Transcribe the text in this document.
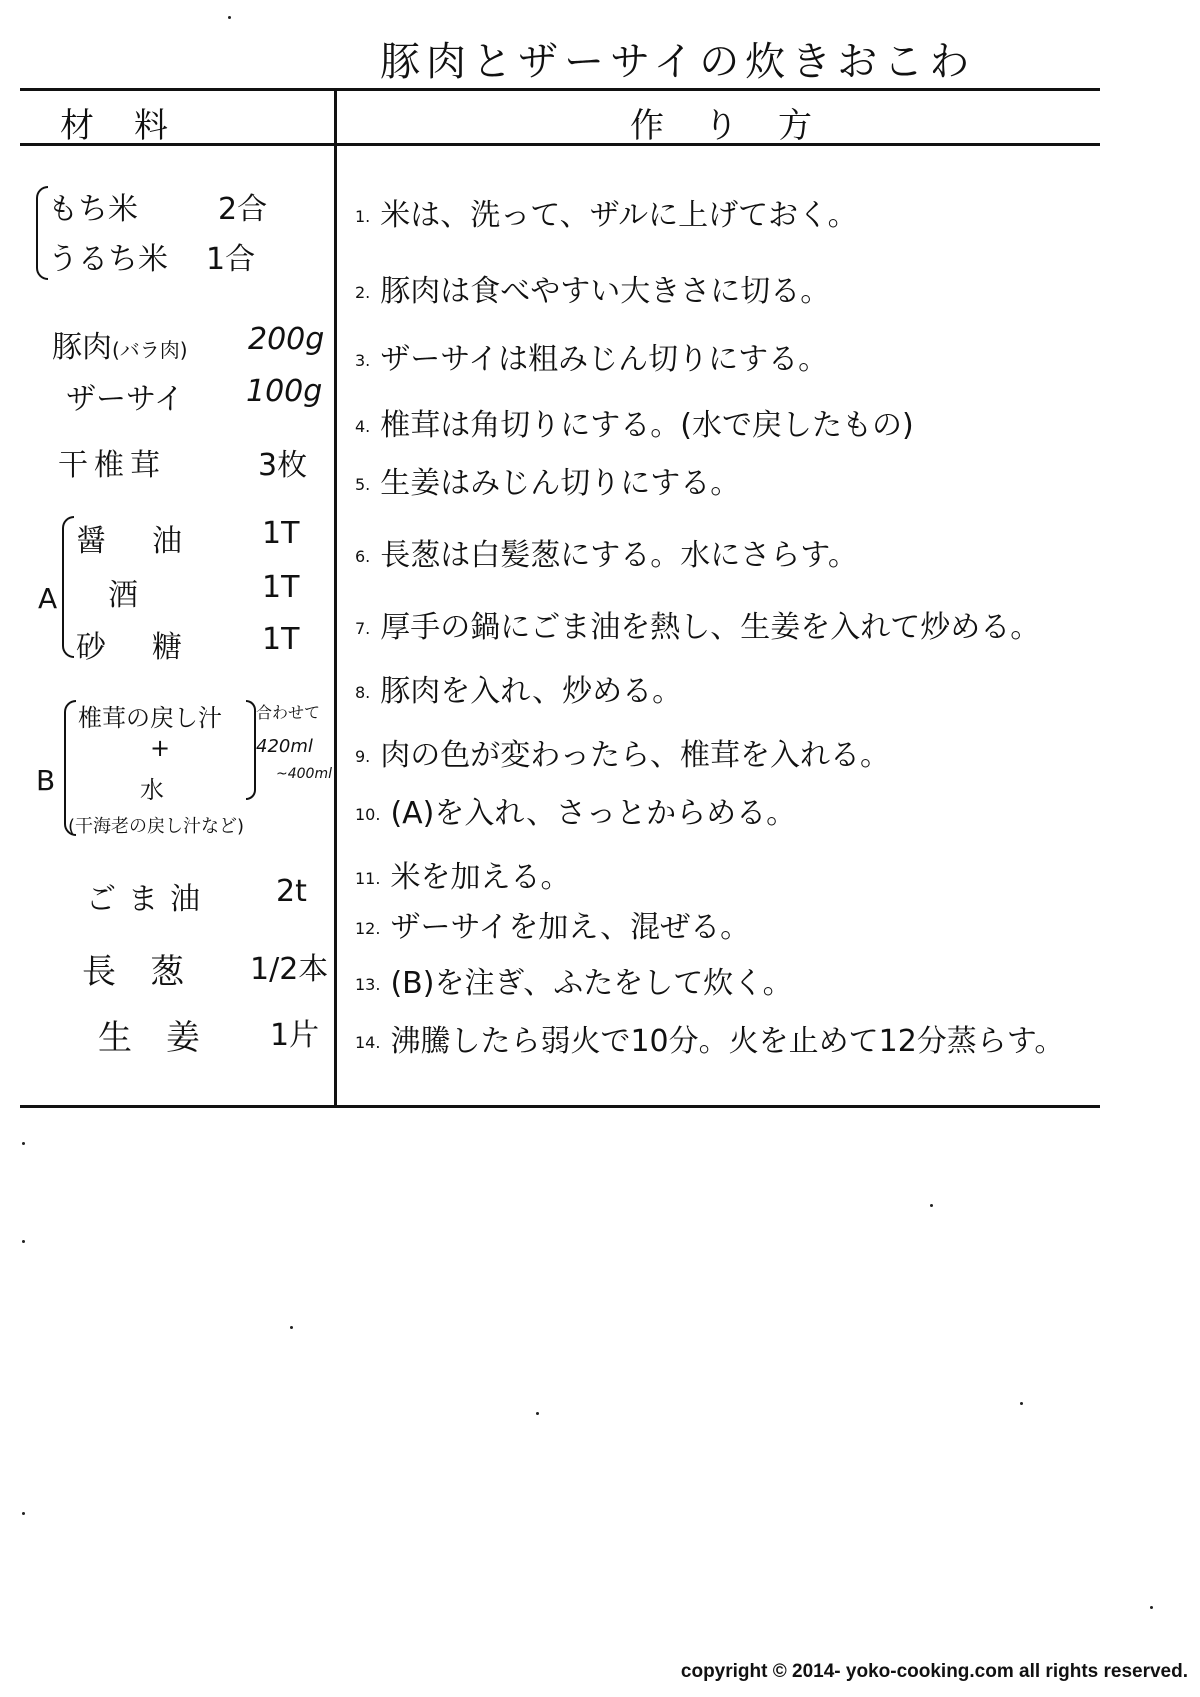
豚肉とザーサイの炊きおこわ
材料	作り方
もち米	2合
うるち米 1合
豚肉(バラ肉) 200g
ザーサイ 100g
干椎茸	3枚
A
醤　油 1T
酒	1T
砂　糖 1T
B
椎茸の戻し汁
+
水
(干海老の戻し汁など)
合わせて
420ml
~400ml
ごま油 2t
長葱 1/2本
生姜 1片
1. 米は、洗って、ザルに上げておく。
2. 豚肉は食べやすい大きさに切る。
3. ザーサイは粗みじん切りにする。
4. 椎茸は角切りにする。(水で戻したもの)
5. 生姜はみじん切りにする。
6. 長葱は白髪葱にする。水にさらす。
7. 厚手の鍋にごま油を熱し、生姜を入れて炒める。
8. 豚肉を入れ、炒める。
9. 肉の色が変わったら、椎茸を入れる。
10. (A)を入れ、さっとからめる。
11. 米を加える。
12. ザーサイを加え、混ぜる。
13. (B)を注ぎ、ふたをして炊く。
14. 沸騰したら弱火で10分。火を止めて12分蒸らす。
copyright © 2014- yoko-cooking.com all rights reserved.
